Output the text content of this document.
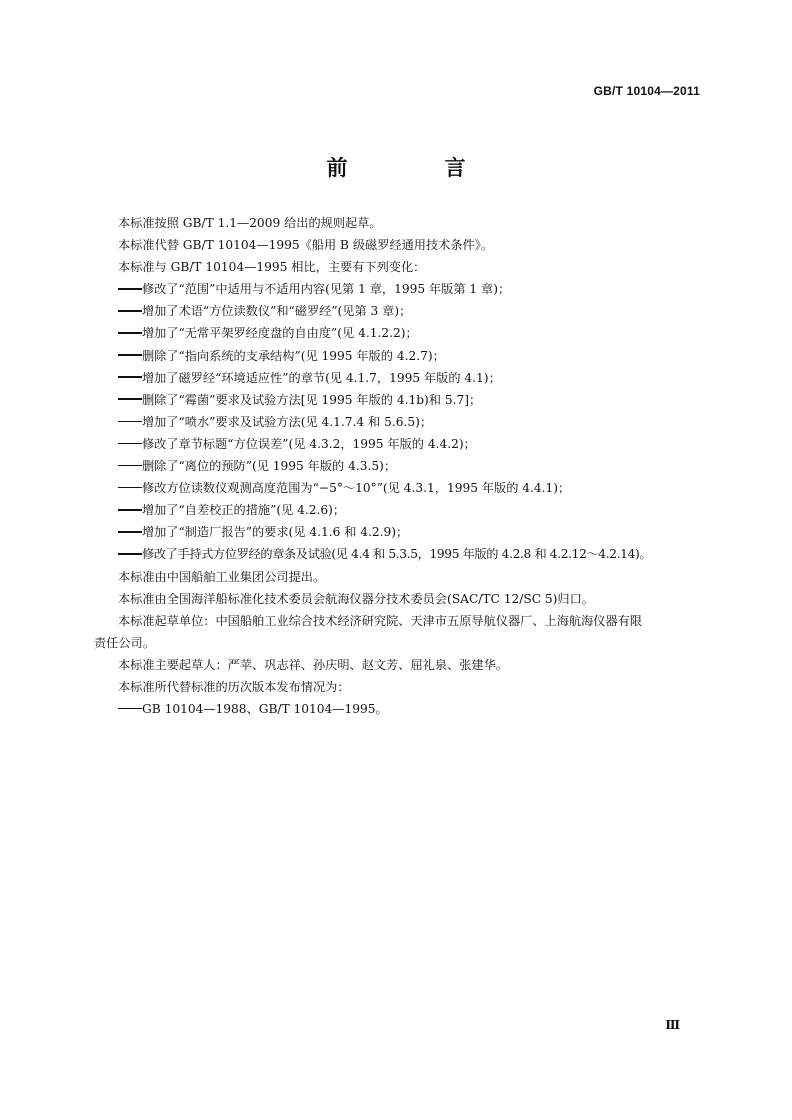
GB/T 10104—2011
前　言
本标准按照 GB/T 1.1—2009 给出的规则起草。
本标准代替 GB/T 10104—1995《船用 B 级磁罗经通用技术条件》。
本标准与 GB/T 10104—1995 相比，主要有下列变化：
修改了“范围”中适用与不适用内容(见第 1 章，1995 年版第 1 章)；
增加了术语“方位读数仪”和“磁罗经”(见第 3 章)；
增加了“无常平架罗经度盘的自由度”(见 4.1.2.2)；
删除了“指向系统的支承结构”(见 1995 年版的 4.2.7)；
增加了磁罗经“环境适应性”的章节(见 4.1.7，1995 年版的 4.1)；
删除了“霉菌”要求及试验方法[见 1995 年版的 4.1b)和 5.7]；
增加了“喷水”要求及试验方法(见 4.1.7.4 和 5.6.5)；
修改了章节标题“方位误差”(见 4.3.2，1995 年版的 4.4.2)；
删除了“离位的预防”(见 1995 年版的 4.3.5)；
修改方位读数仪观测高度范围为“−5°～10°”(见 4.3.1，1995 年版的 4.4.1)；
增加了“自差校正的措施”(见 4.2.6)；
增加了“制造厂报告”的要求(见 4.1.6 和 4.2.9)；
修改了手持式方位罗经的章条及试验(见 4.4 和 5.3.5，1995 年版的 4.2.8 和 4.2.12～4.2.14)。
本标准由中国船舶工业集团公司提出。
本标准由全国海洋船标准化技术委员会航海仪器分技术委员会(SAC/TC 12/SC 5)归口。
本标准起草单位：中国船舶工业综合技术经济研究院、天津市五原导航仪器厂、上海航海仪器有限
责任公司。
本标准主要起草人：严苹、巩志祥、孙庆明、赵文芳、屈礼泉、张建华。
本标准所代替标准的历次版本发布情况为：
GB 10104—1988、GB/T 10104—1995。
Ⅲ
